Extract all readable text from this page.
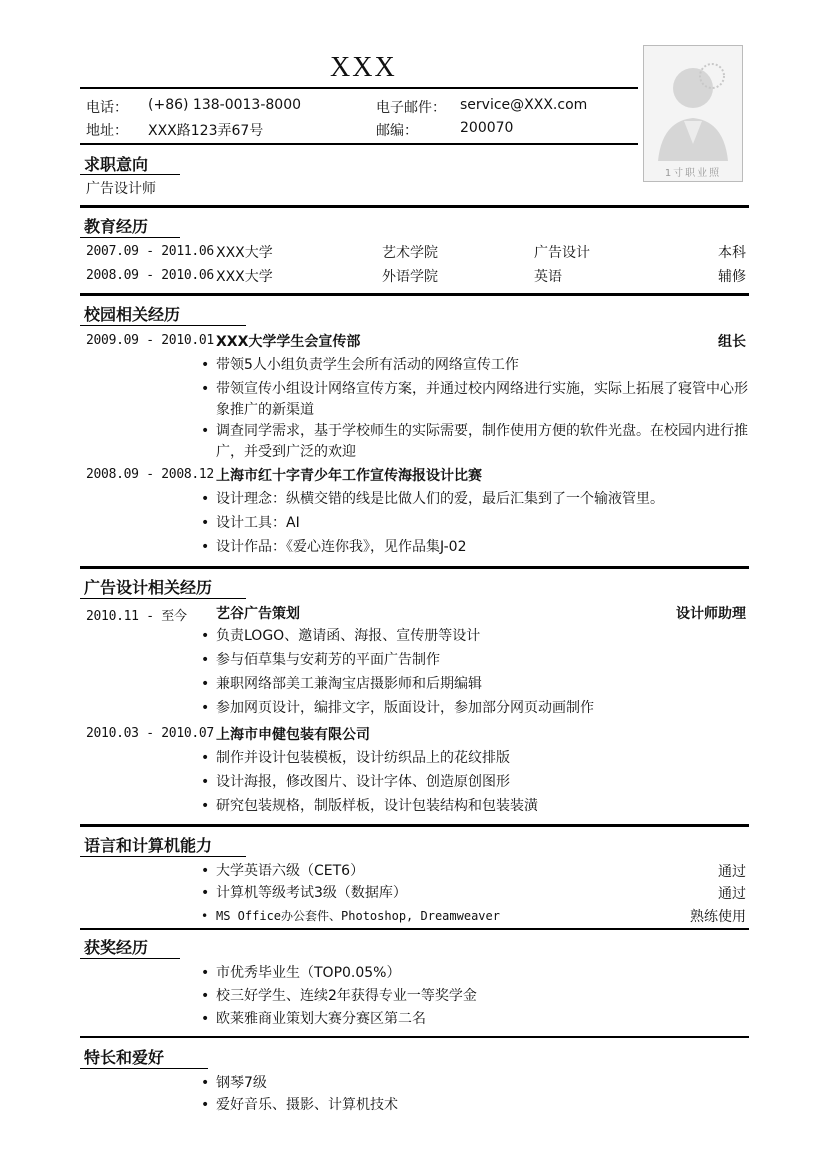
XXX
电话： (+86) 138-0013-8000	电子邮件： service@XXX.com
地址： XXX路123弄67号	邮编：	200070
1寸职业照
求职意向
广告设计师
教育经历
2007.09 - 2011.06 XXX大学	艺术学院	广告设计	本科
2008.09 - 2010.06 XXX大学	外语学院	英语	辅修
校园相关经历
2009.09 - 2010.01 XXX大学学生会宣传部	组长
• 带领5人小组负责学生会所有活动的网络宣传工作
• 带领宣传小组设计网络宣传方案，并通过校内网络进行实施，实际上拓展了寝管中心形象推广的新渠道
• 调查同学需求，基于学校师生的实际需要，制作使用方便的软件光盘。在校园内进行推广，并受到广泛的欢迎
2008.09 - 2008.12 上海市红十字青少年工作宣传海报设计比赛
• 设计理念：纵横交错的线是比做人们的爱，最后汇集到了一个输液管里。
• 设计工具：AI
• 设计作品：《爱心连你我》，见作品集J-02
广告设计相关经历
2010.11 - 至今 艺谷广告策划	设计师助理
• 负责LOGO、邀请函、海报、宣传册等设计
• 参与佰草集与安莉芳的平面广告制作
• 兼职网络部美工兼淘宝店摄影师和后期编辑
• 参加网页设计，编排文字，版面设计，参加部分网页动画制作
2010.03 - 2010.07 上海市申健包装有限公司
• 制作并设计包装模板，设计纺织品上的花纹排版
• 设计海报，修改图片、设计字体、创造原创图形
• 研究包装规格，制版样板，设计包装结构和包装装潢
语言和计算机能力
• 大学英语六级（CET6）	通过
• 计算机等级考试3级（数据库）	通过
• MS Office办公套件、Photoshop, Dreamweaver	熟练使用
获奖经历
• 市优秀毕业生（TOP0.05%）
• 校三好学生、连续2年获得专业一等奖学金
• 欧莱雅商业策划大赛分赛区第二名
特长和爱好
• 钢琴7级
• 爱好音乐、摄影、计算机技术
